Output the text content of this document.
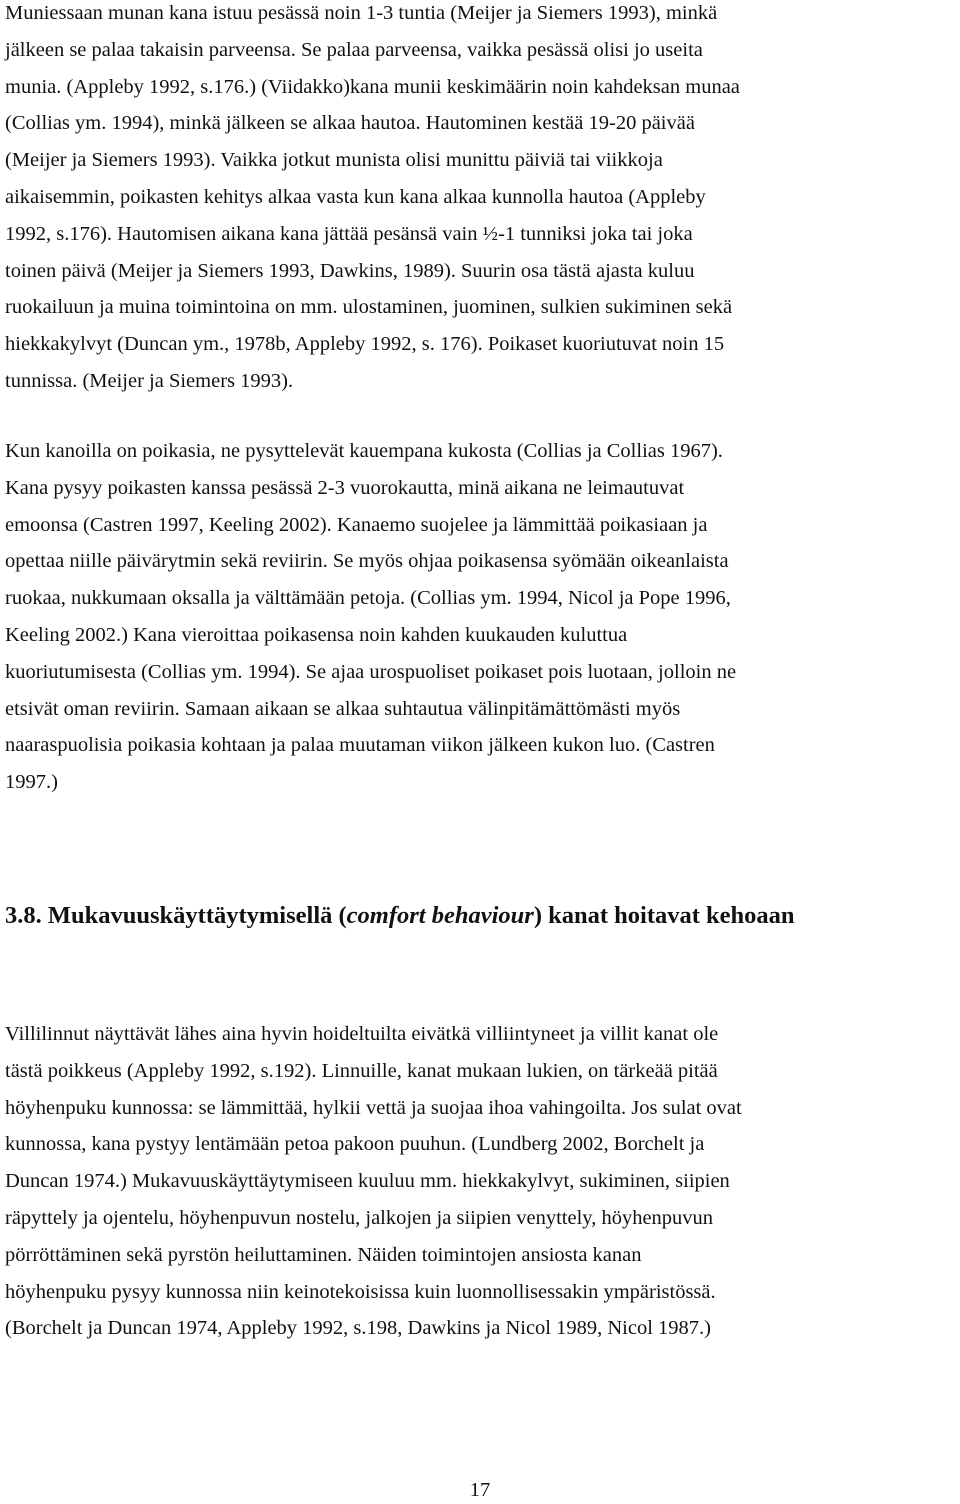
Muniessaan munan kana istuu pesässä noin 1-3 tuntia (Meijer ja Siemers 1993), minkä
jälkeen se palaa takaisin parveensa. Se palaa parveensa, vaikka pesässä olisi jo useita
munia. (Appleby 1992, s.176.) (Viidakko)kana munii keskimäärin noin kahdeksan munaa
(Collias ym. 1994), minkä jälkeen se alkaa hautoa. Hautominen kestää 19-20 päivää
(Meijer ja Siemers 1993). Vaikka jotkut munista olisi munittu päiviä tai viikkoja
aikaisemmin, poikasten kehitys alkaa vasta kun kana alkaa kunnolla hautoa (Appleby
1992, s.176). Hautomisen aikana kana jättää pesänsä vain ½-1 tunniksi joka tai joka
toinen päivä (Meijer ja Siemers 1993, Dawkins, 1989). Suurin osa tästä ajasta kuluu
ruokailuun ja muina toimintoina on mm. ulostaminen, juominen, sulkien sukiminen sekä
hiekkakylvyt (Duncan ym., 1978b, Appleby 1992, s. 176). Poikaset kuoriutuvat noin 15
tunnissa. (Meijer ja Siemers 1993).

Kun kanoilla on poikasia, ne pysyttelevät kauempana kukosta (Collias ja Collias 1967).
Kana pysyy poikasten kanssa pesässä 2-3 vuorokautta, minä aikana ne leimautuvat
emoonsa (Castren 1997, Keeling 2002). Kanaemo suojelee ja lämmittää poikasiaan ja
opettaa niille päivärytmin sekä reviirin. Se myös ohjaa poikasensa syömään oikeanlaista
ruokaa, nukkumaan oksalla ja välttämään petoja. (Collias ym. 1994, Nicol ja Pope 1996,
Keeling 2002.) Kana vieroittaa poikasensa noin kahden kuukauden kuluttua
kuoriutumisesta (Collias ym. 1994). Se ajaa urospuoliset poikaset pois luotaan, jolloin ne
etsivät oman reviirin. Samaan aikaan se alkaa suhtautua välinpitämättömästi myös
naaraspuolisia poikasia kohtaan ja palaa muutaman viikon jälkeen kukon luo. (Castren
1997.)

3.8. Mukavuuskäyttäytymisellä (comfort behaviour) kanat hoitavat kehoaan

Villilinnut näyttävät lähes aina hyvin hoideltuilta eivätkä villiintyneet ja villit kanat ole
tästä poikkeus (Appleby 1992, s.192). Linnuille, kanat mukaan lukien, on tärkeää pitää
höyhenpuku kunnossa: se lämmittää, hylkii vettä ja suojaa ihoa vahingoilta. Jos sulat ovat
kunnossa, kana pystyy lentämään petoa pakoon puuhun. (Lundberg 2002, Borchelt ja
Duncan 1974.) Mukavuuskäyttäytymiseen kuuluu mm. hiekkakylvyt, sukiminen, siipien
räpyttely ja ojentelu, höyhenpuvun nostelu, jalkojen ja siipien venyttely, höyhenpuvun
pörröttäminen sekä pyrstön heiluttaminen. Näiden toimintojen ansiosta kanan
höyhenpuku pysyy kunnossa niin keinotekoisissa kuin luonnollisessakin ympäristössä.
(Borchelt ja Duncan 1974, Appleby 1992, s.198, Dawkins ja Nicol 1989, Nicol 1987.)

17
